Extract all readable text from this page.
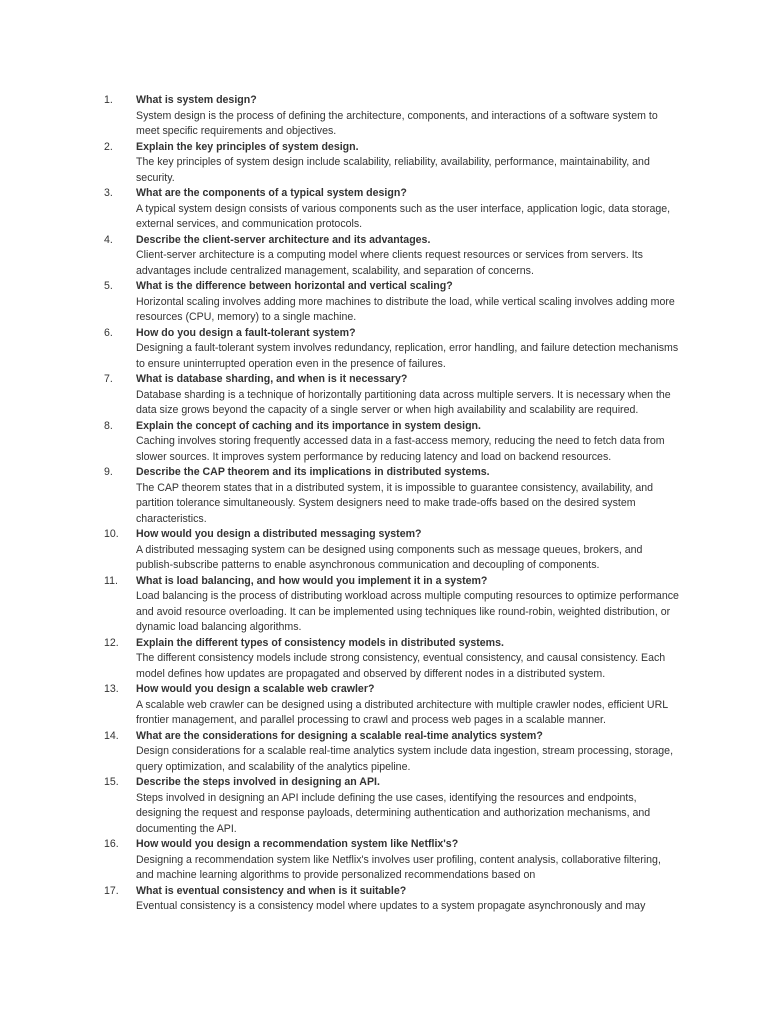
1.	What is system design?
System design is the process of defining the architecture, components, and interactions of a software system to meet specific requirements and objectives.
2.	Explain the key principles of system design.
The key principles of system design include scalability, reliability, availability, performance, maintainability, and security.
3.	What are the components of a typical system design?
A typical system design consists of various components such as the user interface, application logic, data storage, external services, and communication protocols.
4.	Describe the client-server architecture and its advantages.
Client-server architecture is a computing model where clients request resources or services from servers. Its advantages include centralized management, scalability, and separation of concerns.
5.	What is the difference between horizontal and vertical scaling?
Horizontal scaling involves adding more machines to distribute the load, while vertical scaling involves adding more resources (CPU, memory) to a single machine.
6.	How do you design a fault-tolerant system?
Designing a fault-tolerant system involves redundancy, replication, error handling, and failure detection mechanisms to ensure uninterrupted operation even in the presence of failures.
7.	What is database sharding, and when is it necessary?
Database sharding is a technique of horizontally partitioning data across multiple servers. It is necessary when the data size grows beyond the capacity of a single server or when high availability and scalability are required.
8.	Explain the concept of caching and its importance in system design.
Caching involves storing frequently accessed data in a fast-access memory, reducing the need to fetch data from slower sources. It improves system performance by reducing latency and load on backend resources.
9.	Describe the CAP theorem and its implications in distributed systems.
The CAP theorem states that in a distributed system, it is impossible to guarantee consistency, availability, and partition tolerance simultaneously. System designers need to make trade-offs based on the desired system characteristics.
10.	How would you design a distributed messaging system?
A distributed messaging system can be designed using components such as message queues, brokers, and publish-subscribe patterns to enable asynchronous communication and decoupling of components.
11.	What is load balancing, and how would you implement it in a system?
Load balancing is the process of distributing workload across multiple computing resources to optimize performance and avoid resource overloading. It can be implemented using techniques like round-robin, weighted distribution, or dynamic load balancing algorithms.
12.	Explain the different types of consistency models in distributed systems.
The different consistency models include strong consistency, eventual consistency, and causal consistency. Each model defines how updates are propagated and observed by different nodes in a distributed system.
13.	How would you design a scalable web crawler?
A scalable web crawler can be designed using a distributed architecture with multiple crawler nodes, efficient URL frontier management, and parallel processing to crawl and process web pages in a scalable manner.
14.	What are the considerations for designing a scalable real-time analytics system?
Design considerations for a scalable real-time analytics system include data ingestion, stream processing, storage, query optimization, and scalability of the analytics pipeline.
15.	Describe the steps involved in designing an API.
Steps involved in designing an API include defining the use cases, identifying the resources and endpoints, designing the request and response payloads, determining authentication and authorization mechanisms, and documenting the API.
16.	How would you design a recommendation system like Netflix's?
Designing a recommendation system like Netflix's involves user profiling, content analysis, collaborative filtering, and machine learning algorithms to provide personalized recommendations based on
17.	What is eventual consistency and when is it suitable?
Eventual consistency is a consistency model where updates to a system propagate asynchronously and may
